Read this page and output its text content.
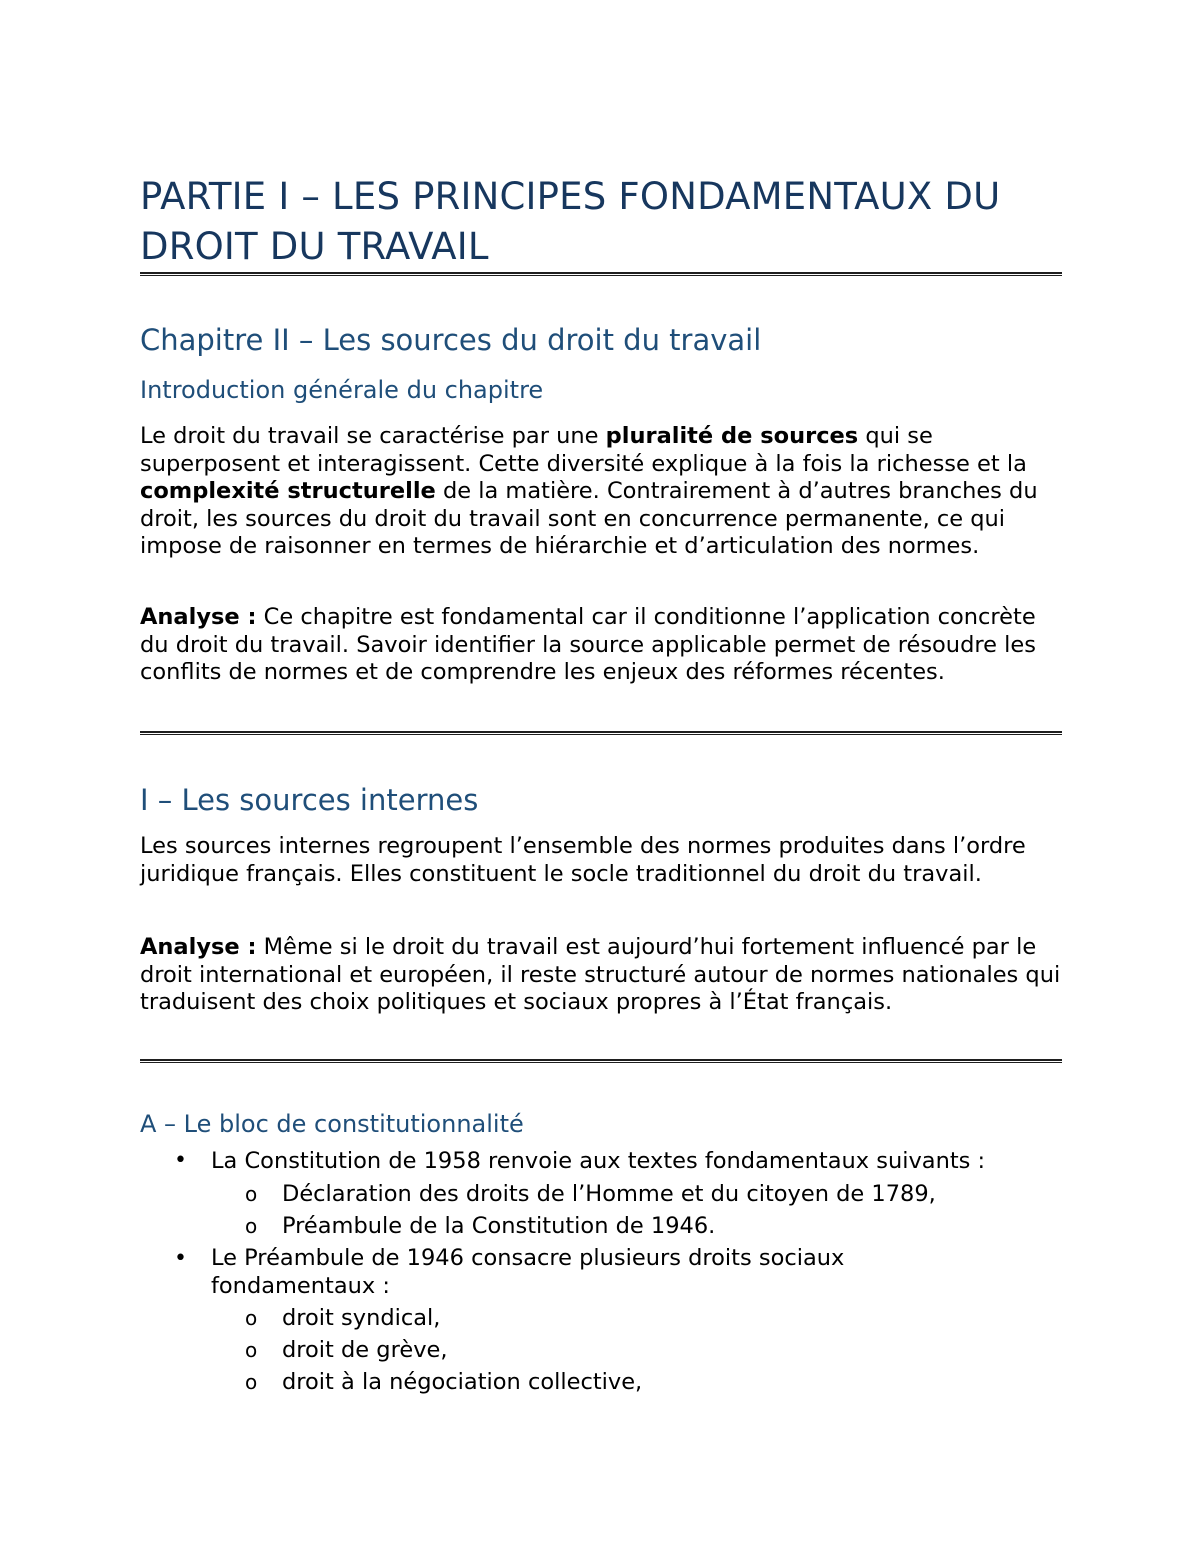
PARTIE I – LES PRINCIPES FONDAMENTAUX DU DROIT DU TRAVAIL
Chapitre II – Les sources du droit du travail
Introduction générale du chapitre

Le droit du travail se caractérise par une pluralité de sources qui se superposent et interagissent. Cette diversité explique à la fois la richesse et la complexité structurelle de la matière. Contrairement à d’autres branches du droit, les sources du droit du travail sont en concurrence permanente, ce qui impose de raisonner en termes de hiérarchie et d’articulation des normes.

Analyse : Ce chapitre est fondamental car il conditionne l’application concrète du droit du travail. Savoir identifier la source applicable permet de résoudre les conflits de normes et de comprendre les enjeux des réformes récentes.

I – Les sources internes

Les sources internes regroupent l’ensemble des normes produites dans l’ordre juridique français. Elles constituent le socle traditionnel du droit du travail.

Analyse : Même si le droit du travail est aujourd’hui fortement influencé par le droit international et européen, il reste structuré autour de normes nationales qui traduisent des choix politiques et sociaux propres à l’État français.

A – Le bloc de constitutionnalité
• La Constitution de 1958 renvoie aux textes fondamentaux suivants :
o Déclaration des droits de l’Homme et du citoyen de 1789,
o Préambule de la Constitution de 1946.
• Le Préambule de 1946 consacre plusieurs droits sociaux fondamentaux :
o droit syndical,
o droit de grève,
o droit à la négociation collective,
